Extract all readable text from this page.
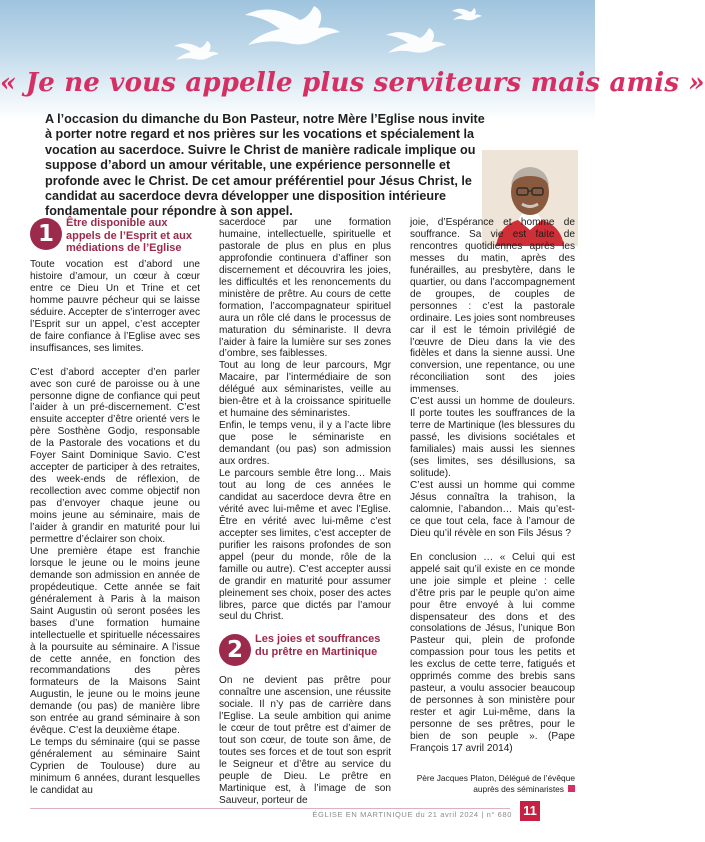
« Je ne vous appelle plus serviteurs mais amis »
A l’occasion du dimanche du Bon Pasteur, notre Mère l’Eglise nous invite à porter notre regard et nos prières sur les vocations et spécialement la vocation au sacerdoce. Suivre le Christ de manière radicale implique ou suppose d’abord un amour véritable, une expérience personnelle et profonde avec le Christ. De cet amour préférentiel pour Jésus Christ, le candidat au sacerdoce devra développer une disposition intérieure fondamentale pour répondre à son appel.
1	Être disponible aux appels de l’Esprit et aux médiations de l’Eglise

Toute vocation est d’abord une histoire d’amour, un cœur à cœur entre ce Dieu Un et Trine et cet homme pauvre pécheur qui se laisse séduire. Accepter de s’interroger avec l’Esprit sur un appel, c’est accepter de faire confiance à l’Eglise avec ses insuffisances, ses limites.

C’est d’abord accepter d’en parler avec son curé de paroisse ou à une personne digne de confiance qui peut l’aider à un pré-discernement. C’est ensuite accepter d’être orienté vers le père Sosthène Godjo, responsable de la Pastorale des vocations et du Foyer Saint Dominique Savio. C’est accepter de participer à des retraites, des week-ends de réflexion, de recollection avec comme objectif non pas d’envoyer chaque jeune ou moins jeune au séminaire, mais de l’aider à grandir en maturité pour lui permettre d’éclairer son choix.

Une première étape est franchie lorsque le jeune ou le moins jeune demande son admission en année de propédeutique. Cette année se fait généralement à Paris à la maison Saint Augustin où seront posées les bases d’une formation humaine intellectuelle et spirituelle nécessaires à la poursuite au séminaire. A l’issue de cette année, en fonction des recommandations des pères formateurs de la Maisons Saint Augustin, le jeune ou le moins jeune demande (ou pas) de manière libre son entrée au grand séminaire à son évêque. C’est la deuxième étape.

Le temps du séminaire (qui se passe généralement au séminaire Saint Cyprien de Toulouse) dure au minimum 6 années, durant lesquelles le candidat au

sacerdoce par une formation humaine, intellectuelle, spirituelle et pastorale de plus en plus en plus approfondie continuera d’affiner son discernement et découvrira les joies, les difficultés et les renoncements du ministère de prêtre. Au cours de cette formation, l’accompagnateur spirituel aura un rôle clé dans le processus de maturation du séminariste. Il devra l’aider à faire la lumière sur ses zones d’ombre, ses faiblesses.

Tout au long de leur parcours, Mgr Macaire, par l’intermédiaire de son délégué aux séminaristes, veille au bien-être et à la croissance spirituelle et humaine des séminaristes.

Enfin, le temps venu, il y a l’acte libre que pose le séminariste en demandant (ou pas) son admission aux ordres.

Le parcours semble être long… Mais tout au long de ces années le candidat au sacerdoce devra être en vérité avec lui-même et avec l’Eglise. Être en vérité avec lui-même c’est accepter ses limites, c’est accepter de purifier les raisons profondes de son appel (peur du monde, rôle de la famille ou autre). C’est accepter aussi de grandir en maturité pour assumer pleinement ses choix, poser des actes libres, parce que dictés par l’amour seul du Christ.

2	Les joies et souffrances du prêtre en Martinique

On ne devient pas prêtre pour connaître une ascension, une réussite sociale. Il n’y pas de carrière dans l’Eglise. La seule ambition qui anime le cœur de tout prêtre est d’aimer de tout son cœur, de toute son âme, de toutes ses forces et de tout son esprit le Seigneur et d’être au service du peuple de Dieu. Le prêtre en Martinique est, à l’image de son Sauveur, porteur de

joie, d’Espérance et homme de souffrance. Sa vie est faite de rencontres quotidiennes après les messes du matin, après des funérailles, au presbytère, dans le quartier, ou dans l’accompagnement de groupes, de couples de personnes : c’est la pastorale ordinaire. Les joies sont nombreuses car il est le témoin privilégié de l’œuvre de Dieu dans la vie des fidèles et dans la sienne aussi. Une conversion, une repentance, ou une réconciliation sont des joies immenses.

C’est aussi un homme de douleurs. Il porte toutes les souffrances de la terre de Martinique (les blessures du passé, les divisions sociétales et familiales) mais aussi les siennes (ses limites, ses désillusions, sa solitude).

C’est aussi un homme qui comme Jésus connaîtra la trahison, la calomnie, l’abandon… Mais qu’est-ce que tout cela, face à l’amour de Dieu qu’il révèle en son Fils Jésus ?

En conclusion … « Celui qui est appelé sait qu’il existe en ce monde une joie simple et pleine : celle d’être pris par le peuple qu’on aime pour être envoyé à lui comme dispensateur des dons et des consolations de Jésus, l’unique Bon Pasteur qui, plein de profonde compassion pour tous les petits et les exclus de cette terre, fatigués et opprimés comme des brebis sans pasteur, a voulu associer beaucoup de personnes à son ministère pour rester et agir Lui-même, dans la personne de ses prêtres, pour le bien de son peuple ». (Pape François 17 avril 2014)

Père Jacques Platon, Délégué de l’évêque
auprès des séminaristes
ÉGLISE EN MARTINIQUE du 21 avril 2024 | n° 680 11
